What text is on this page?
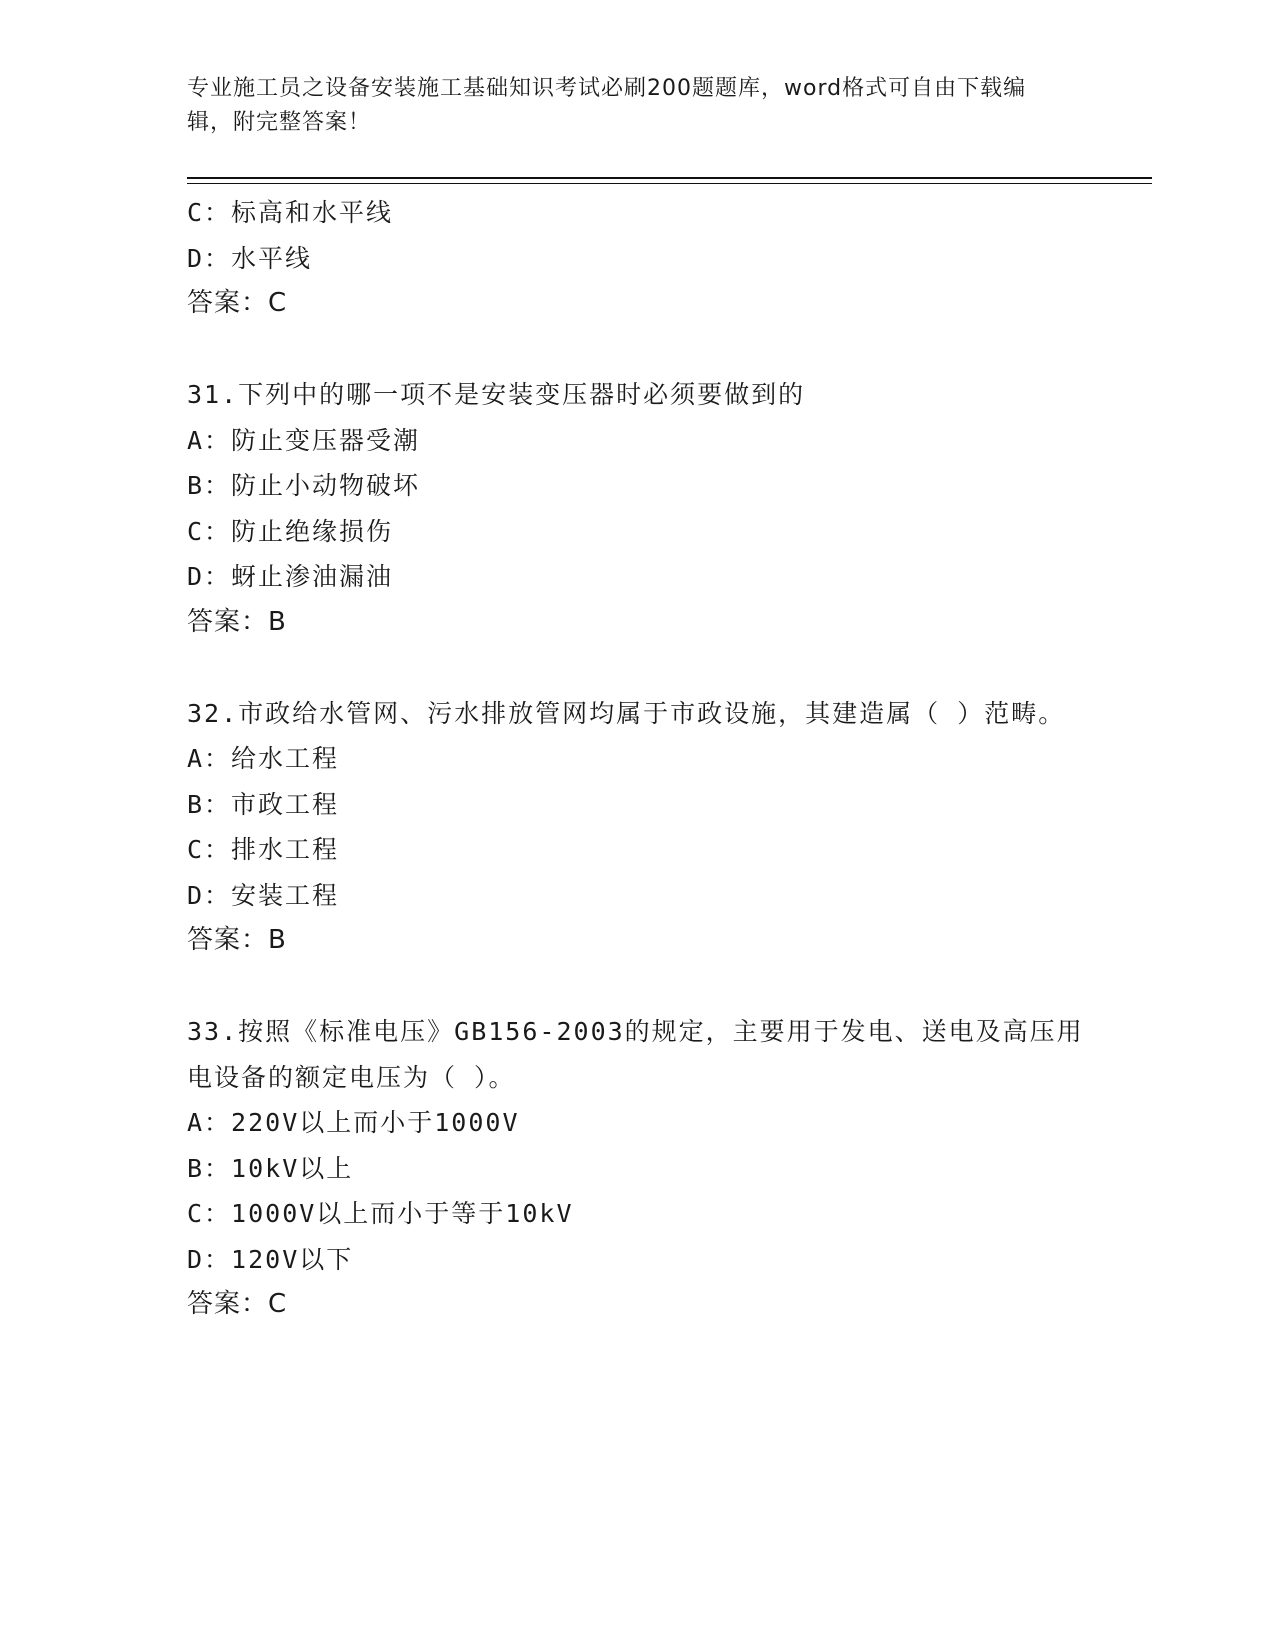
专业施工员之设备安装施工基础知识考试必刷200题题库，word格式可自由下载编辑，附完整答案！
C：标高和水平线
D：水平线
答案：C
31.下列中的哪一项不是安装变压器时必须要做到的
A：防止变压器受潮
B：防止小动物破坏
C：防止绝缘损伤
D：蚜止渗油漏油
答案：B
32.市政给水管网、污水排放管网均属于市政设施，其建造属（ ）范畴。
A：给水工程
B：市政工程
C：排水工程
D：安装工程
答案：B
33.按照《标准电压》GB156-2003的规定，主要用于发电、送电及高压用电设备的额定电压为（ ）。
A：220V以上而小于1000V
B：10kV以上
C：1000V以上而小于等于10kV
D：120V以下
答案：C
